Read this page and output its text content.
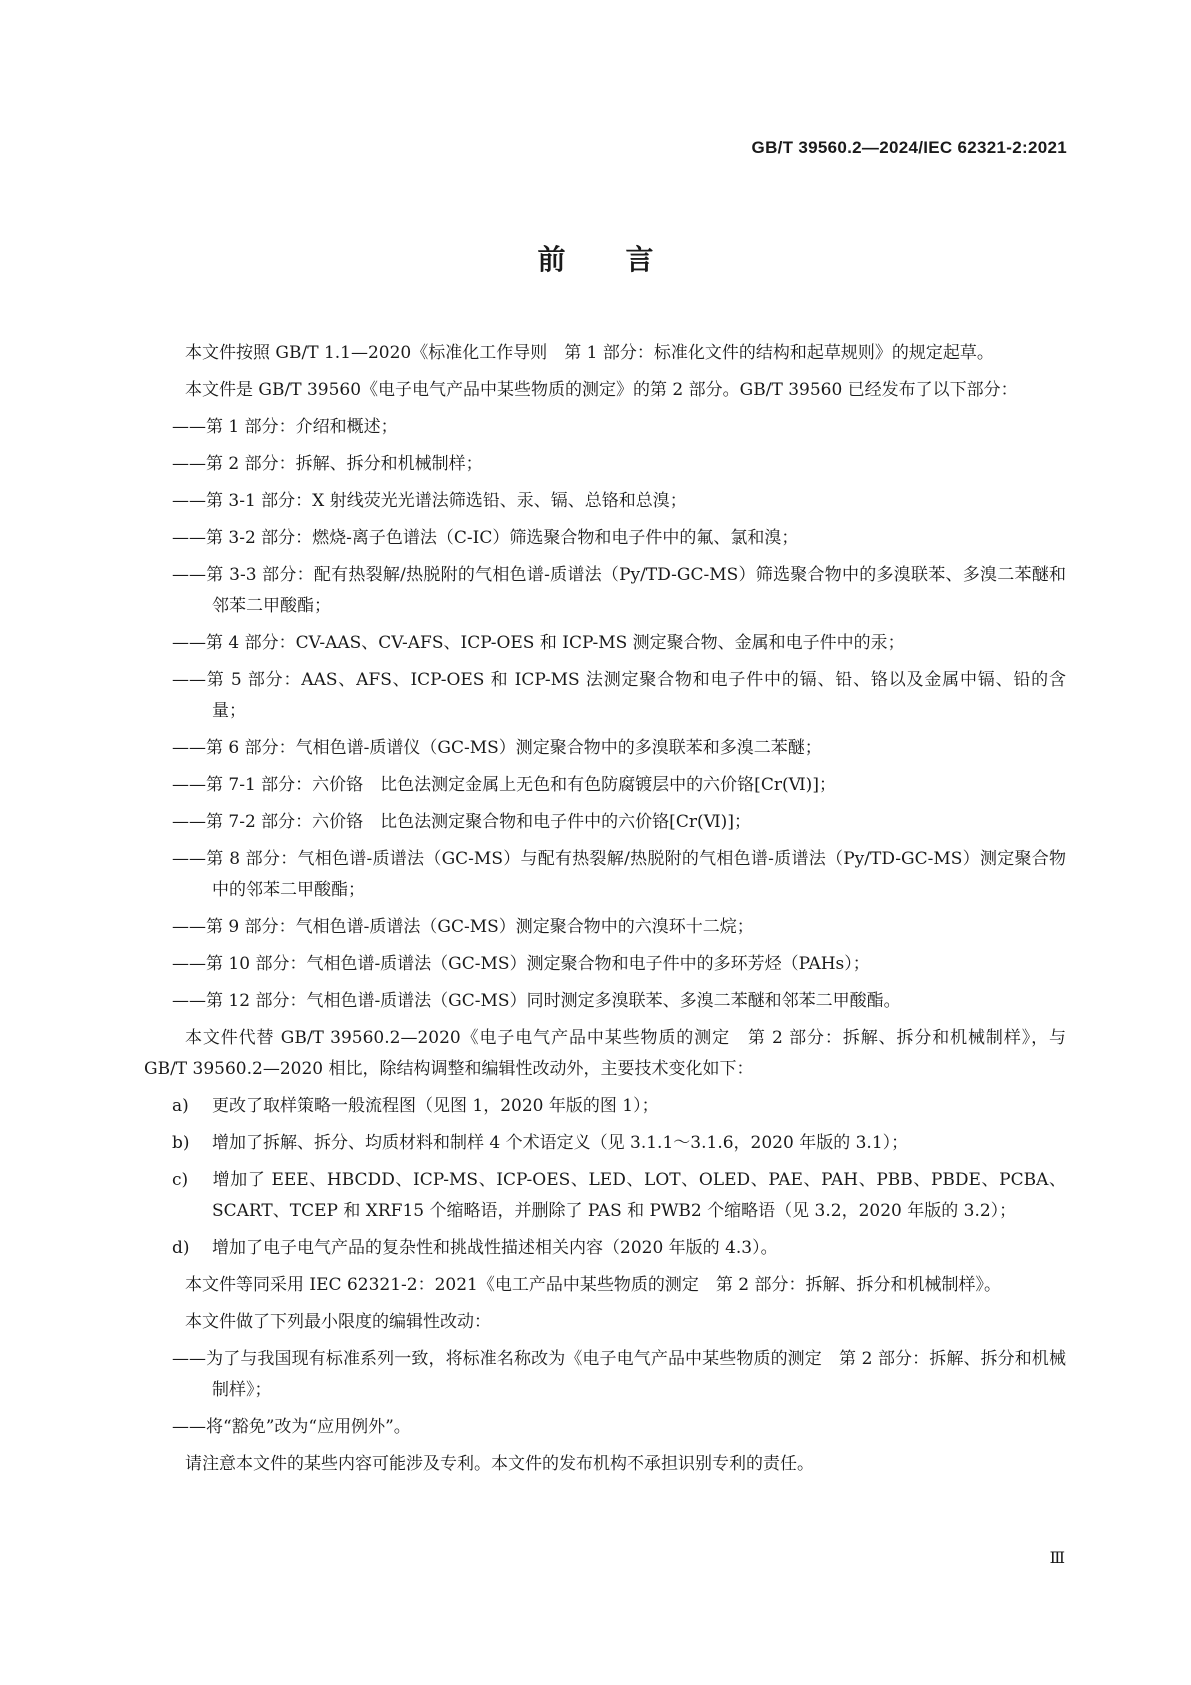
GB/T 39560.2—2024/IEC 62321-2:2021
前 言

本文件按照 GB/T 1.1—2020《标准化工作导则　第 1 部分：标准化文件的结构和起草规则》的规定起草。

本文件是 GB/T 39560《电子电气产品中某些物质的测定》的第 2 部分。GB/T 39560 已经发布了以下部分：

——第 1 部分：介绍和概述；

——第 2 部分：拆解、拆分和机械制样；

——第 3-1 部分：X 射线荧光光谱法筛选铅、汞、镉、总铬和总溴；

——第 3-2 部分：燃烧-离子色谱法（C-IC）筛选聚合物和电子件中的氟、氯和溴；

——第 3-3 部分：配有热裂解/热脱附的气相色谱-质谱法（Py/TD-GC-MS）筛选聚合物中的多溴联苯、多溴二苯醚和邻苯二甲酸酯；

——第 4 部分：CV-AAS、CV-AFS、ICP-OES 和 ICP-MS 测定聚合物、金属和电子件中的汞；

——第 5 部分：AAS、AFS、ICP-OES 和 ICP-MS 法测定聚合物和电子件中的镉、铅、铬以及金属中镉、铅的含量；

——第 6 部分：气相色谱-质谱仪（GC-MS）测定聚合物中的多溴联苯和多溴二苯醚；

——第 7-1 部分：六价铬　比色法测定金属上无色和有色防腐镀层中的六价铬[Cr(Ⅵ)]；

——第 7-2 部分：六价铬　比色法测定聚合物和电子件中的六价铬[Cr(Ⅵ)]；

——第 8 部分：气相色谱-质谱法（GC-MS）与配有热裂解/热脱附的气相色谱-质谱法（Py/TD-GC-MS）测定聚合物中的邻苯二甲酸酯；

——第 9 部分：气相色谱-质谱法（GC-MS）测定聚合物中的六溴环十二烷；

——第 10 部分：气相色谱-质谱法（GC-MS）测定聚合物和电子件中的多环芳烃（PAHs）；

——第 12 部分：气相色谱-质谱法（GC-MS）同时测定多溴联苯、多溴二苯醚和邻苯二甲酸酯。

本文件代替 GB/T 39560.2—2020《电子电气产品中某些物质的测定　第 2 部分：拆解、拆分和机械制样》，与 GB/T 39560.2—2020 相比，除结构调整和编辑性改动外，主要技术变化如下：

a) 更改了取样策略一般流程图（见图 1，2020 年版的图 1）；

b) 增加了拆解、拆分、均质材料和制样 4 个术语定义（见 3.1.1～3.1.6，2020 年版的 3.1）；

c) 增加了 EEE、HBCDD、ICP-MS、ICP-OES、LED、LOT、OLED、PAE、PAH、PBB、PBDE、PCBA、SCART、TCEP 和 XRF15 个缩略语，并删除了 PAS 和 PWB2 个缩略语（见 3.2，2020 年版的 3.2）；

d) 增加了电子电气产品的复杂性和挑战性描述相关内容（2020 年版的 4.3）。

本文件等同采用 IEC 62321-2：2021《电工产品中某些物质的测定　第 2 部分：拆解、拆分和机械制样》。

本文件做了下列最小限度的编辑性改动：

——为了与我国现有标准系列一致，将标准名称改为《电子电气产品中某些物质的测定　第 2 部分：拆解、拆分和机械制样》；

——将“豁免”改为“应用例外”。

请注意本文件的某些内容可能涉及专利。本文件的发布机构不承担识别专利的责任。

Ⅲ
